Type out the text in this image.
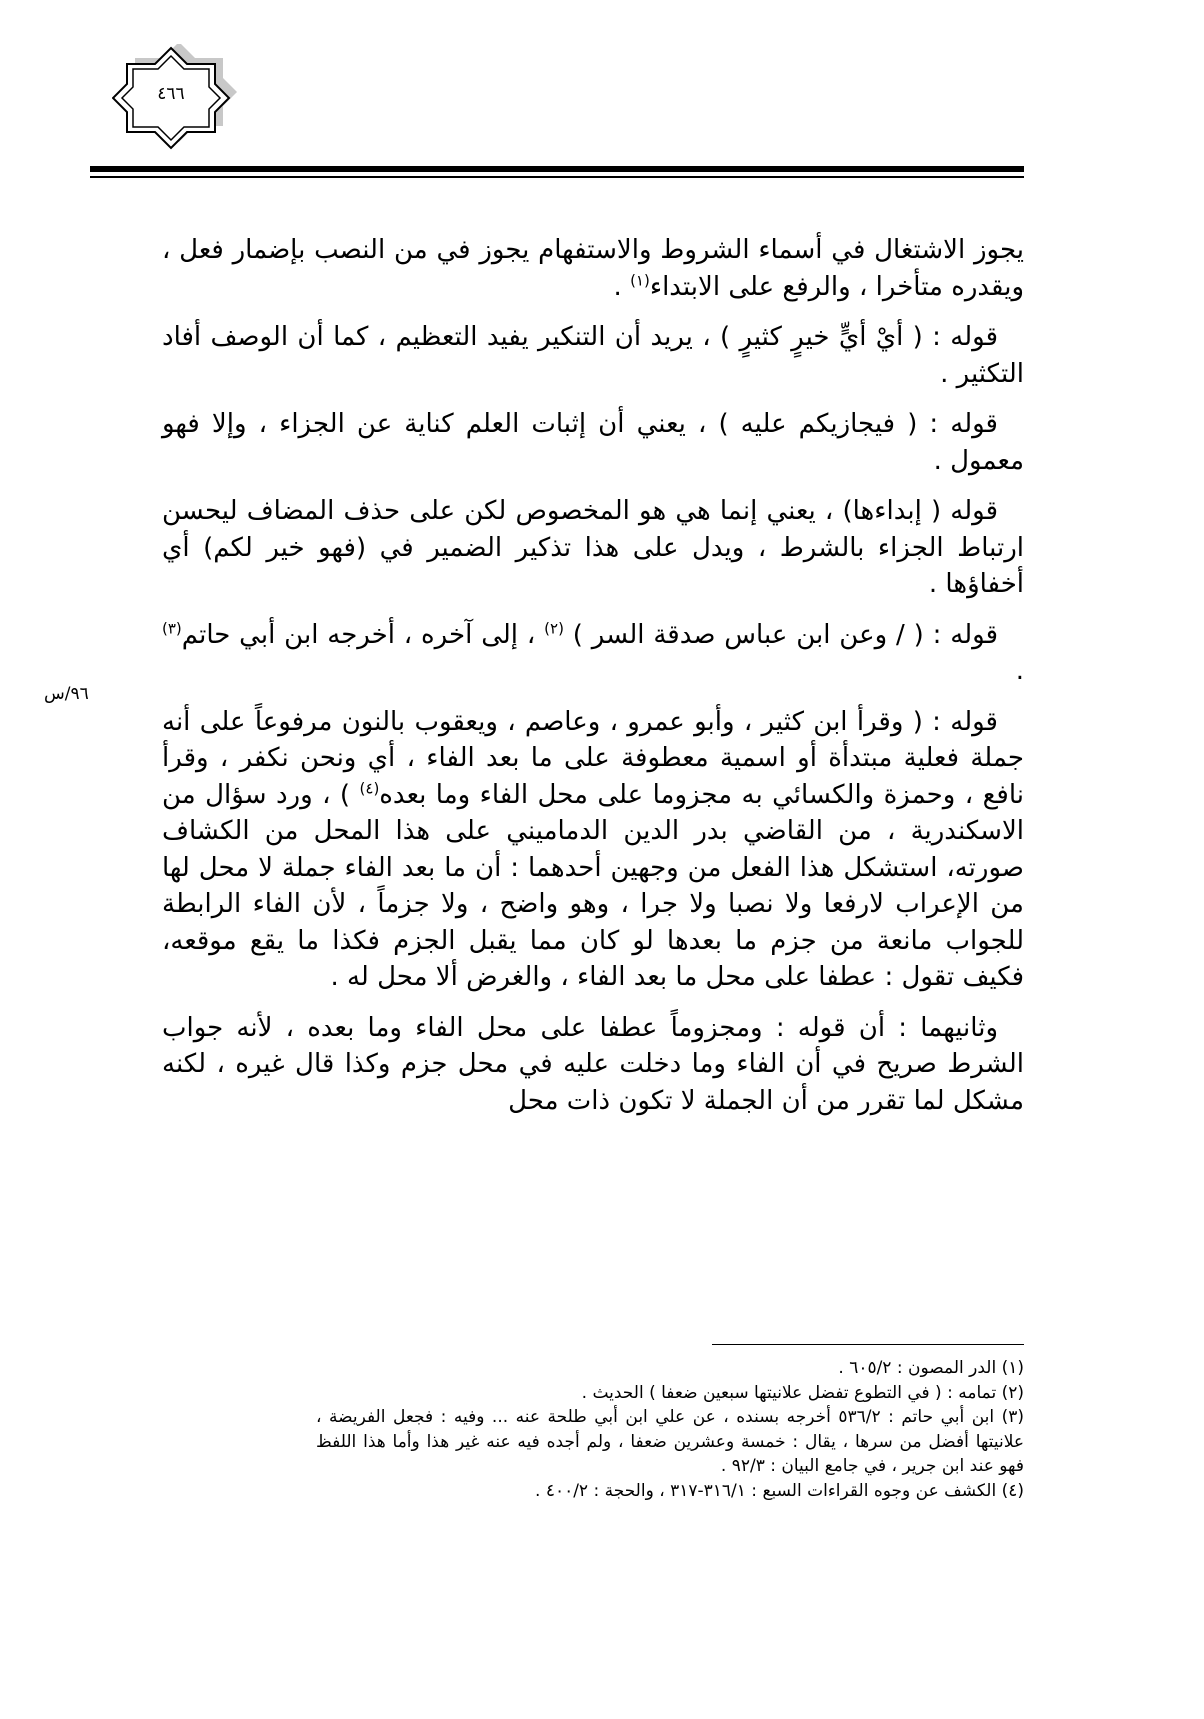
٤٦٦

يجوز الاشتغال في أسماء الشروط والاستفهام يجوز في من النصب بإضمار فعل ، ويقدره متأخرا ، والرفع على الابتداء$^{(١)}$ .

قوله : ( أيْ أيٍّ خيرٍ كثيرٍ ) ، يريد أن التنكير يفيد التعظيم ، كما أن الوصف أفاد التكثير .

قوله : ( فيجازيكم عليه ) ، يعني أن إثبات العلم كناية عن الجزاء ، وإلا فهو معمول .

قوله ( إبداءها) ، يعني إنما هي هو المخصوص لكن على حذف المضاف ليحسن ارتباط الجزاء بالشرط ، ويدل على هذا تذكير الضمير في (فهو خير لكم) أي أخفاؤها .

قوله : ( / وعن ابن عباس صدقة السر ) $^{(٢)}$ ، إلى آخره ، أخرجه ابن أبي حاتم$^{(٣)}$ .

قوله : ( وقرأ ابن كثير ، وأبو عمرو ، وعاصم ، ويعقوب بالنون مرفوعاً على أنه جملة فعلية مبتدأة أو اسمية معطوفة على ما بعد الفاء ، أي ونحن نكفر ، وقرأ نافع ، وحمزة والكسائي به مجزوما على محل الفاء وما بعده$^{(٤)}$ ) ، ورد سؤال من الاسكندرية ، من القاضي بدر الدين الدماميني على هذا المحل من الكشاف صورته، استشكل هذا الفعل من وجهين أحدهما : أن ما بعد الفاء جملة لا محل لها من الإعراب لارفعا ولا نصبا ولا جرا ، وهو واضح ، ولا جزماً ، لأن الفاء الرابطة للجواب مانعة من جزم ما بعدها لو كان مما يقبل الجزم فكذا ما يقع موقعه، فكيف تقول : عطفا على محل ما بعد الفاء ، والغرض ألا محل له .

وثانيهما : أن قوله : ومجزوماً عطفا على محل الفاء وما بعده ، لأنه جواب الشرط صريح في أن الفاء وما دخلت عليه في محل جزم وكذا قال غيره ، لكنه مشكل لما تقرر من أن الجملة لا تكون ذات محل

٩٦/س

(١) الدر المصون : ٦٠٥/٢ .

(٢) تمامه : ( في التطوع تفضل علانيتها سبعين ضعفا ) الحديث .

(٣) ابن أبي حاتم : ٥٣٦/٢ أخرجه بسنده ، عن علي ابن أبي طلحة عنه ... وفيه : فجعل الفريضة ، علانيتها أفضل من سرها ، يقال : خمسة وعشرين ضعفا ، ولم أجده فيه عنه غير هذا وأما هذا اللفظ فهو عند ابن جرير ، في جامع البيان : ٩٢/٣ .

(٤) الكشف عن وجوه القراءات السبع : ٣١٦/١-٣١٧ ، والحجة : ٤٠٠/٢ .
